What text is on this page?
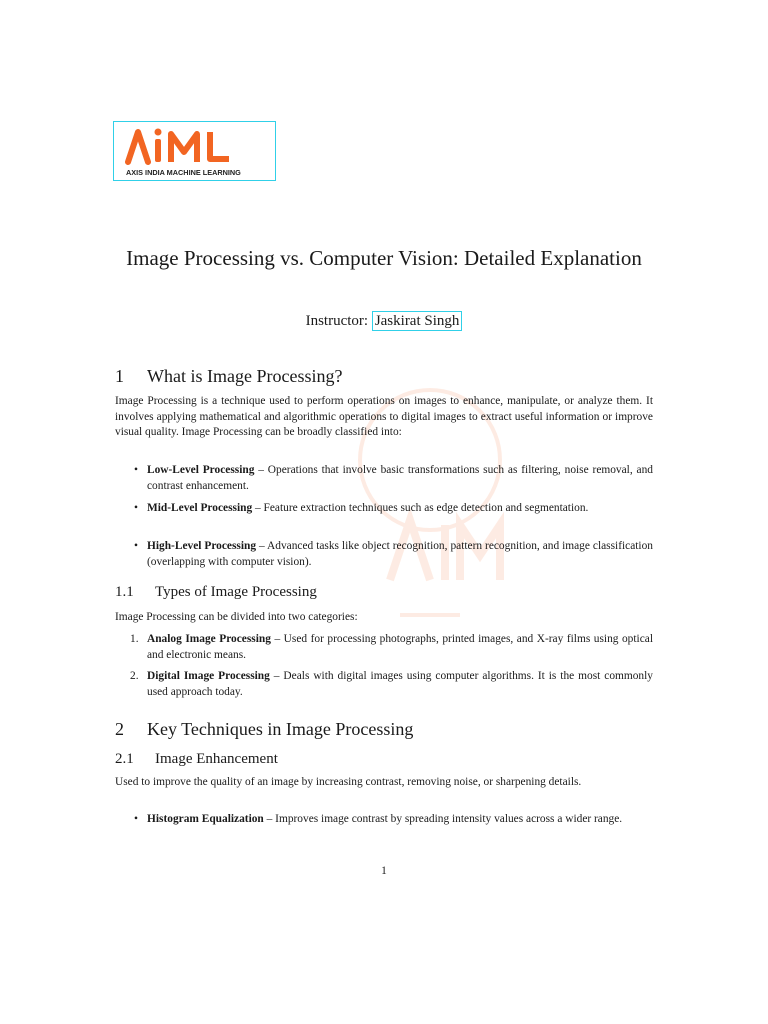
AXIS INDIA MACHINE LEARNING
Image Processing vs. Computer Vision: Detailed Explanation
Instructor: Jaskirat Singh
1 What is Image Processing?
Image Processing is a technique used to perform operations on images to enhance, manipulate, or analyze them. It involves applying mathematical and algorithmic operations to digital images to extract useful information or improve visual quality. Image Processing can be broadly classified into:
• Low-Level Processing – Operations that involve basic transformations such as filtering, noise removal, and contrast enhancement.
• Mid-Level Processing – Feature extraction techniques such as edge detection and segmentation.
• High-Level Processing – Advanced tasks like object recognition, pattern recognition, and image classification (overlapping with computer vision).
1.1 Types of Image Processing
Image Processing can be divided into two categories:
1. Analog Image Processing – Used for processing photographs, printed images, and X-ray films using optical and electronic means.
2. Digital Image Processing – Deals with digital images using computer algorithms. It is the most commonly used approach today.
2 Key Techniques in Image Processing
2.1 Image Enhancement
Used to improve the quality of an image by increasing contrast, removing noise, or sharpening details.
• Histogram Equalization – Improves image contrast by spreading intensity values across a wider range.
1
